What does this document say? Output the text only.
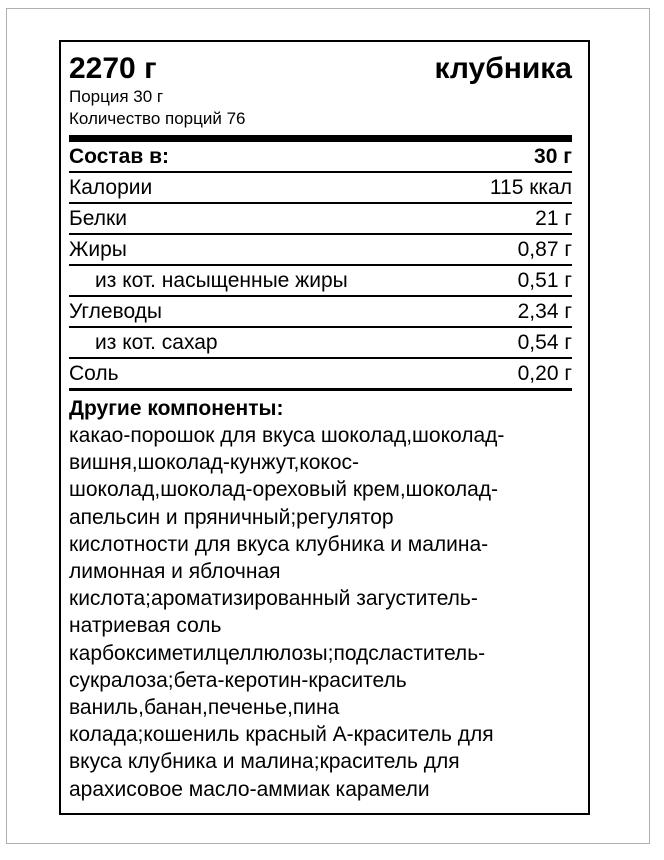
2270 г	клубника
Порция 30 г
Количество порций 76
Состав в:	30 г
Калории	115 ккал
Белки	21 г
Жиры	0,87 г
из кот. насыщенные жиры	0,51 г
Углеводы	2,34 г
из кот. сахар	0,54 г
Соль	0,20 г
Другие компоненты:
какао-порошок для вкуса шоколад,шоколад-
вишня,шоколад-кунжут,кокос-
шоколад,шоколад-ореховый крем,шоколад-
апельсин и пряничный;регулятор
кислотности для вкуса клубника и малина-
лимонная и яблочная
кислота;ароматизированный загуститель-
натриевая соль
карбоксиметилцеллюлозы;подсластитель-
сукралоза;бета-керотин-краситель
ваниль,банан,печенье,пина
колада;кошениль красный А-краситель для
вкуса клубника и малина;краситель для
арахисовое масло-аммиак карамели
